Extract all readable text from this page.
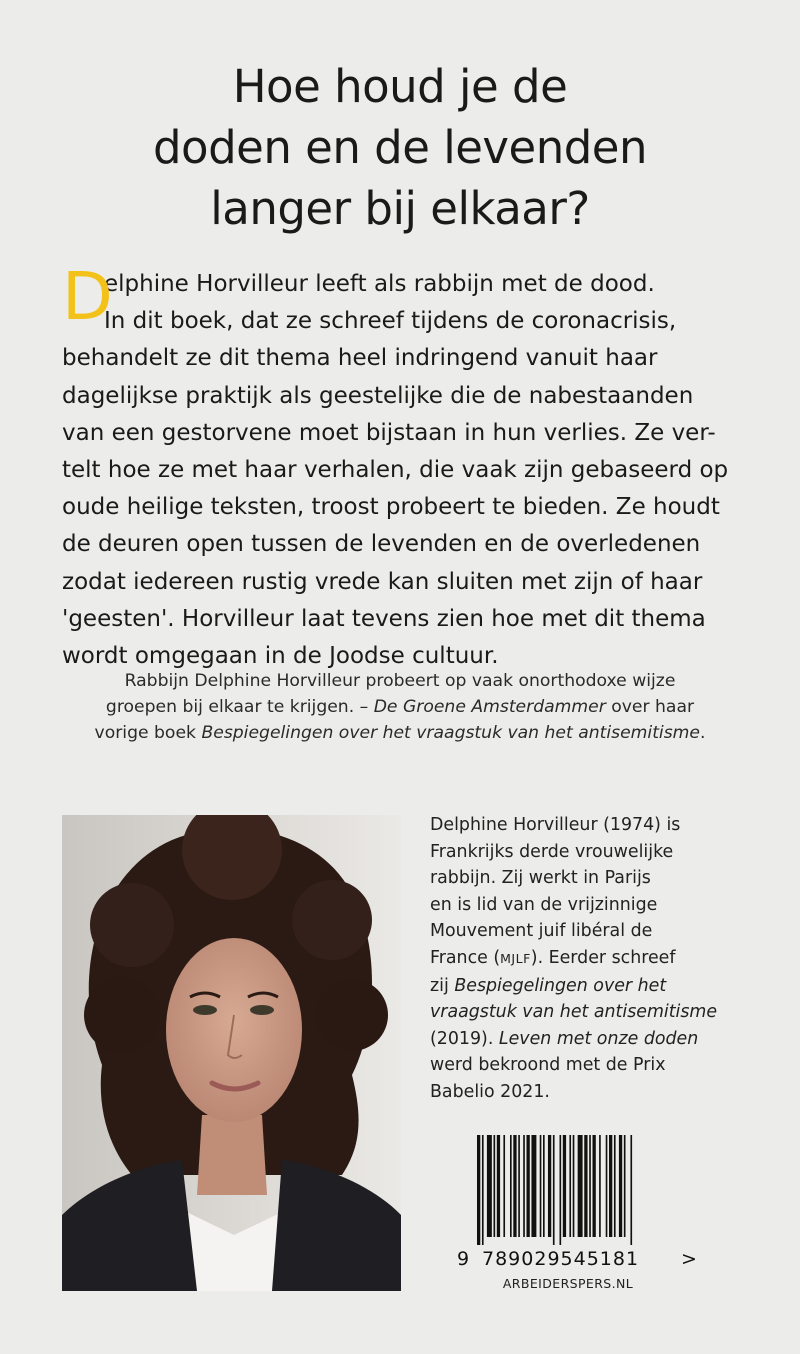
Hoe houd je de
doden en de levenden
langer bij elkaar?
D
elphine Horvilleur leeft als rabbijn met de dood.
In dit boek, dat ze schreef tijdens de coronacrisis,
behandelt ze dit thema heel indringend vanuit haar
dagelijkse praktijk als geestelijke die de nabestaanden
van een gestorvene moet bijstaan in hun verlies. Ze ver-
telt hoe ze met haar verhalen, die vaak zijn gebaseerd op
oude heilige teksten, troost probeert te bieden. Ze houdt
de deuren open tussen de levenden en de overledenen
zodat iedereen rustig vrede kan sluiten met zijn of haar
'geesten'. Horvilleur laat tevens zien hoe met dit thema
wordt omgegaan in de Joodse cultuur.
Rabbijn Delphine Horvilleur probeert op vaak onorthodoxe wijze
groepen bij elkaar te krijgen. – De Groene Amsterdammer over haar
vorige boek Bespiegelingen over het vraagstuk van het antisemitisme.
Delphine Horvilleur (1974) is
Frankrijks derde vrouwelijke
rabbijn. Zij werkt in Parijs
en is lid van de vrijzinnige
Mouvement juif libéral de
France (MJLF). Eerder schreef
zij Bespiegelingen over het
vraagstuk van het antisemitisme
(2019). Leven met onze doden
werd bekroond met de Prix
Babelio 2021.
9 789029545181 >
ARBEIDERSPERS.NL
